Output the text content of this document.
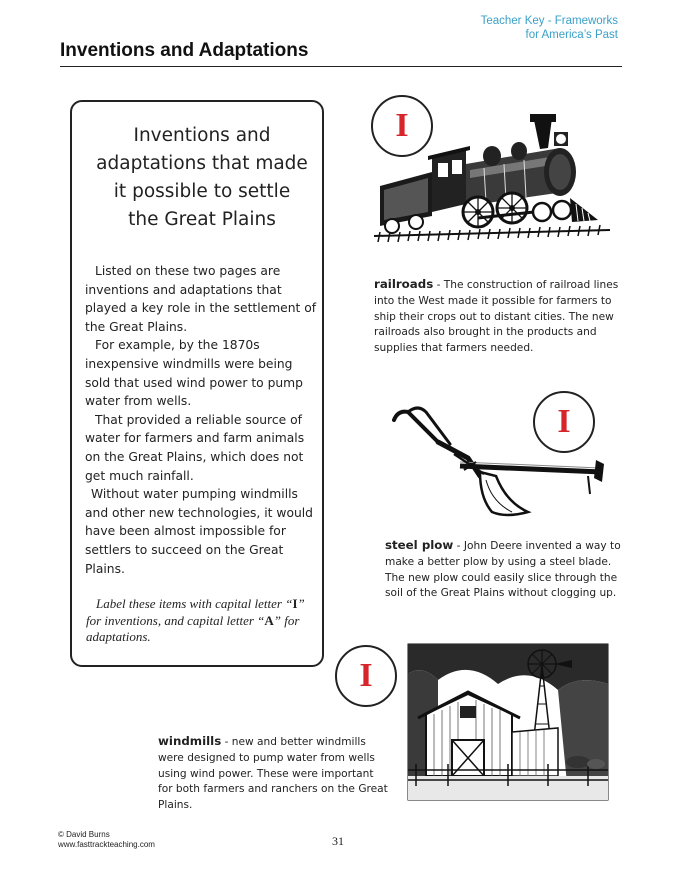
Teacher Key - Frameworks
for America’s Past
Inventions and Adaptations
Inventions and
adaptations that made
it possible to settle
the Great Plains

Listed on these two pages are inventions and adaptations that played a key role in the settlement of the Great Plains.

For example, by the 1870s inexpensive windmills were being sold that used wind power to pump water from wells.

That provided a reliable source of water for farmers and farm animals on the Great Plains, which does not get much rainfall.

Without water pumping windmills and other new technologies, it would have been almost impossible for settlers to succeed on the Great Plains.

Label these items with capital letter “I” for inventions, and capital letter “A” for adaptations.

I
railroads - The construction of railroad lines into the West made it possible for farmers to ship their crops out to distant cities. The new railroads also brought in the products and supplies that farmers needed.
I
steel plow - John Deere invented a way to make a better plow by using a steel blade. The new plow could easily slice through the soil of the Great Plains without clogging up.
I
windmills - new and better windmills were designed to pump water from wells using wind power. These were important for both farmers and ranchers on the Great Plains.
© David Burns
www.fasttrackteaching.com	31
